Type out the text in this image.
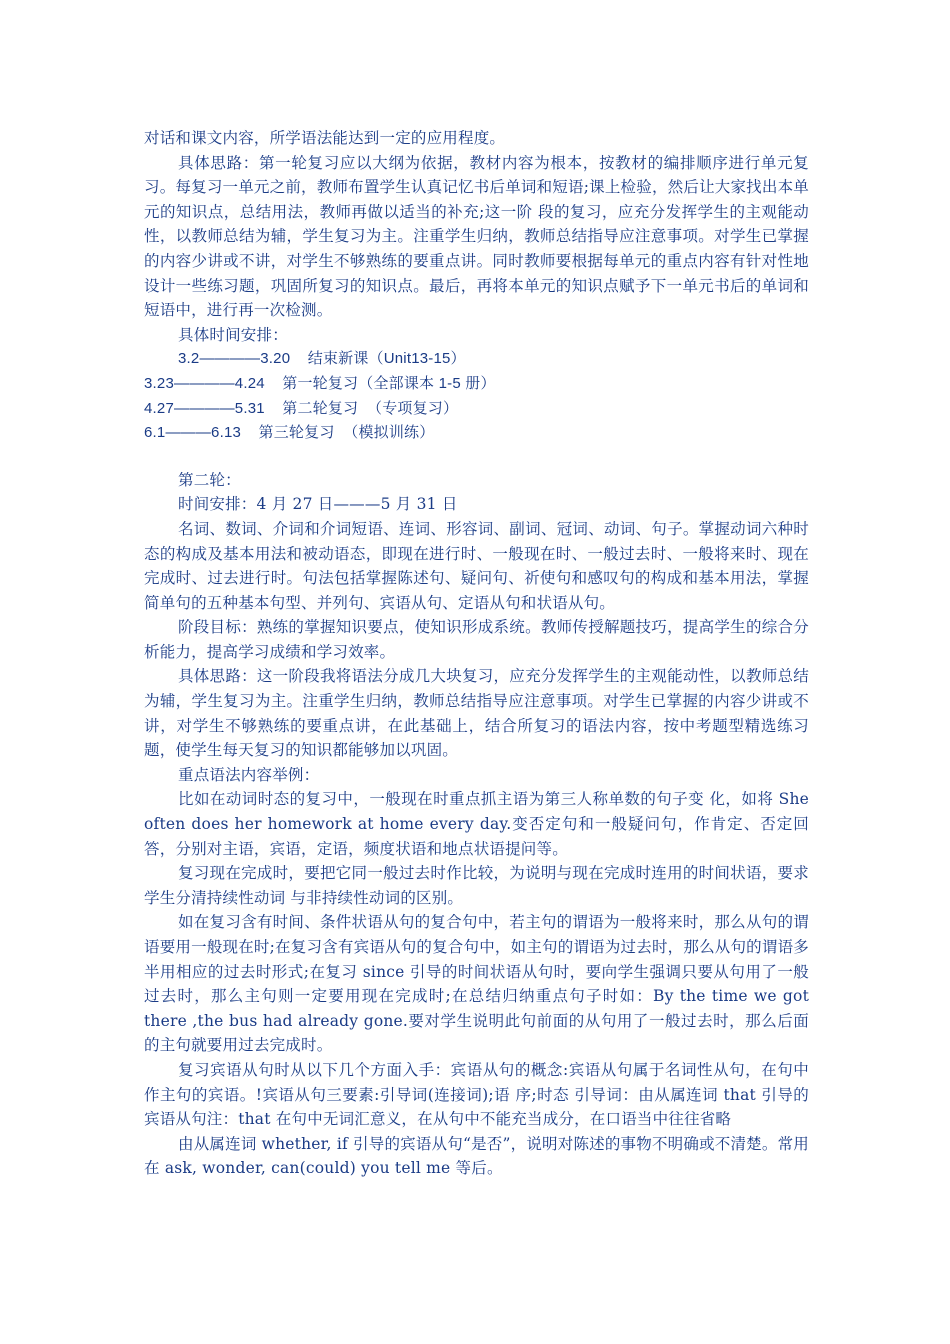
对话和课文内容，所学语法能达到一定的应用程度。

具体思路：第一轮复习应以大纲为依据，教材内容为根本，按教材的编排顺序进行单元复习。每复习一单元之前，教师布置学生认真记忆书后单词和短语;课上检验，然后让大家找出本单元的知识点，总结用法，教师再做以适当的补充;这一阶 段的复习，应充分发挥学生的主观能动性，以教师总结为辅，学生复习为主。注重学生归纳，教师总结指导应注意事项。对学生已掌握的内容少讲或不讲，对学生不够熟练的要重点讲。同时教师要根据每单元的重点内容有针对性地设计一些练习题，巩固所复习的知识点。最后，再将本单元的知识点赋予下一单元书后的单词和短语中，进行再一次检测。

具体时间安排：

3.2————3.20    结束新课（Unit13-15）

3.23————4.24    第一轮复习（全部课本 1-5 册）

4.27————5.31    第二轮复习  （专项复习）

6.1———6.13    第三轮复习  （模拟训练）

第二轮：

时间安排：4 月 27 日———5 月 31 日

名词、数词、介词和介词短语、连词、形容词、副词、冠词、动词、句子。掌握动词六种时态的构成及基本用法和被动语态，即现在进行时、一般现在时、一般过去时、一般将来时、现在完成时、过去进行时。句法包括掌握陈述句、疑问句、祈使句和感叹句的构成和基本用法，掌握简单句的五种基本句型、并列句、宾语从句、定语从句和状语从句。

阶段目标：熟练的掌握知识要点，使知识形成系统。教师传授解题技巧，提高学生的综合分析能力，提高学习成绩和学习效率。

具体思路：这一阶段我将语法分成几大块复习，应充分发挥学生的主观能动性，以教师总结为辅，学生复习为主。注重学生归纳，教师总结指导应注意事项。对学生已掌握的内容少讲或不讲，对学生不够熟练的要重点讲，在此基础上，结合所复习的语法内容，按中考题型精选练习题，使学生每天复习的知识都能够加以巩固。

重点语法内容举例：

比如在动词时态的复习中，一般现在时重点抓主语为第三人称单数的句子变 化，如将 She often does her homework at home every day.变否定句和一般疑问句，作肯定、否定回答，分别对主语，宾语，定语，频度状语和地点状语提问等。

复习现在完成时，要把它同一般过去时作比较，为说明与现在完成时连用的时间状语，要求学生分清持续性动词 与非持续性动词的区别。

如在复习含有时间、条件状语从句的复合句中，若主句的谓语为一般将来时，那么从句的谓语要用一般现在时;在复习含有宾语从句的复合句中，如主句的谓语为过去时，那么从句的谓语多半用相应的过去时形式;在复习 since 引导的时间状语从句时，要向学生强调只要从句用了一般过去时，那么主句则一定要用现在完成时;在总结归纳重点句子时如：By the time we got there ,the bus had already gone.要对学生说明此句前面的从句用了一般过去时，那么后面的主句就要用过去完成时。

复习宾语从句时从以下几个方面入手：宾语从句的概念:宾语从句属于名词性从句，在句中作主句的宾语。!宾语从句三要素:引导词(连接词);语 序;时态 引导词：由从属连词 that 引导的宾语从句注：that 在句中无词汇意义，在从句中不能充当成分，在口语当中往往省略

由从属连词 whether, if 引导的宾语从句“是否”，说明对陈述的事物不明确或不清楚。常用在 ask, wonder, can(could) you tell me 等后。
